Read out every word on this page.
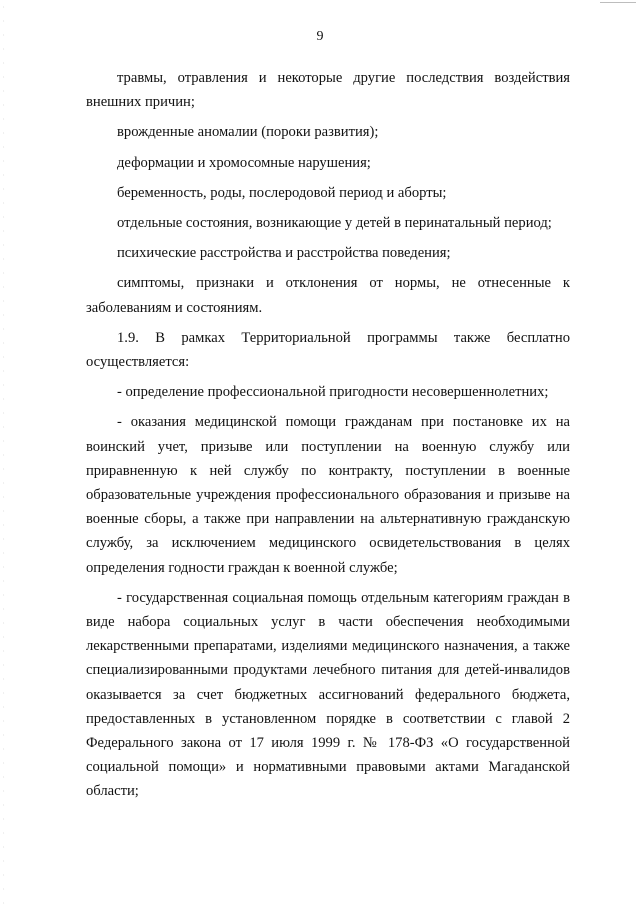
9

травмы, отравления и некоторые другие последствия воздействия внешних причин;

врожденные аномалии (пороки развития);

деформации и хромосомные нарушения;

беременность, роды, послеродовой период и аборты;

отдельные состояния, возникающие у детей в перинатальный период;

психические расстройства и расстройства поведения;

симптомы, признаки и отклонения от нормы, не отнесенные к заболеваниям и состояниям.

1.9. В рамках Территориальной программы также бесплатно осуществляется:

- определение профессиональной пригодности несовершеннолетних;

- оказания медицинской помощи гражданам при постановке их на воинский учет, призыве или поступлении на военную службу или приравненную к ней службу по контракту, поступлении в военные образовательные учреждения профессионального образования и призыве на военные сборы, а также при направлении на альтернативную гражданскую службу, за исключением медицинского освидетельствования в целях определения годности граждан к военной службе;

- государственная социальная помощь отдельным категориям граждан в виде набора социальных услуг в части обеспечения необходимыми лекарственными препаратами, изделиями медицинского назначения, а также специализированными продуктами лечебного питания для детей-инвалидов оказывается за счет бюджетных ассигнований федерального бюджета, предоставленных в установленном порядке в соответствии с главой 2 Федерального закона от 17 июля 1999 г. № 178-ФЗ «О государственной социальной помощи» и нормативными правовыми актами Магаданской области;
